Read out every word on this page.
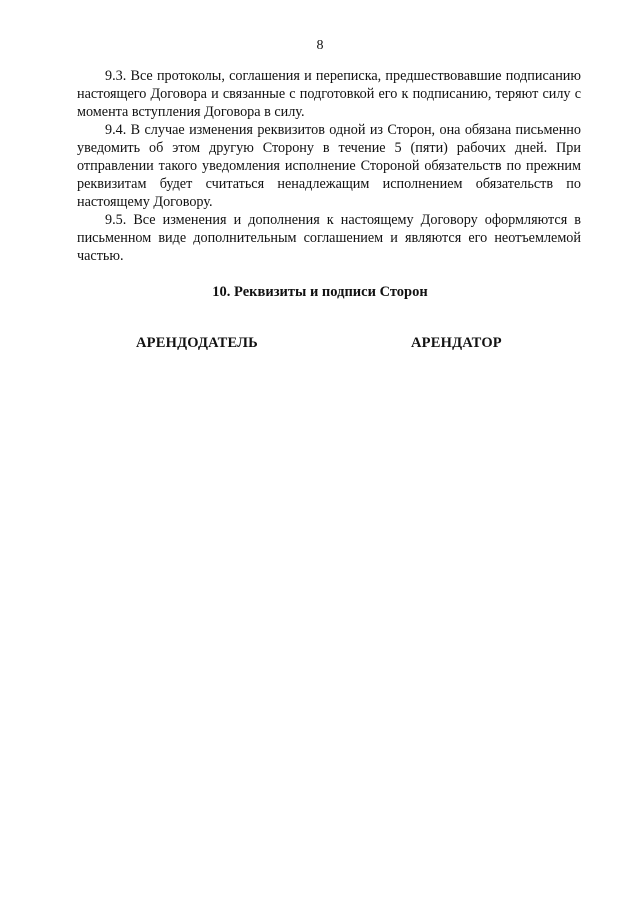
8

9.3. Все протоколы, соглашения и переписка, предшествовавшие подписанию настоящего Договора и связанные с подготовкой его к подписанию, теряют силу с момента вступления Договора в силу.

9.4. В случае изменения реквизитов одной из Сторон, она обязана письменно уведомить об этом другую Сторону в течение 5 (пяти) рабочих дней. При отправлении такого уведомления исполнение Стороной обязательств по прежним реквизитам будет считаться ненадлежащим исполнением обязательств по настоящему Договору.

9.5. Все изменения и дополнения к настоящему Договору оформляются в письменном виде дополнительным соглашением и являются его неотъемлемой частью.

10. Реквизиты и подписи Сторон
АРЕНДОДАТЕЛЬ	АРЕНДАТОР
